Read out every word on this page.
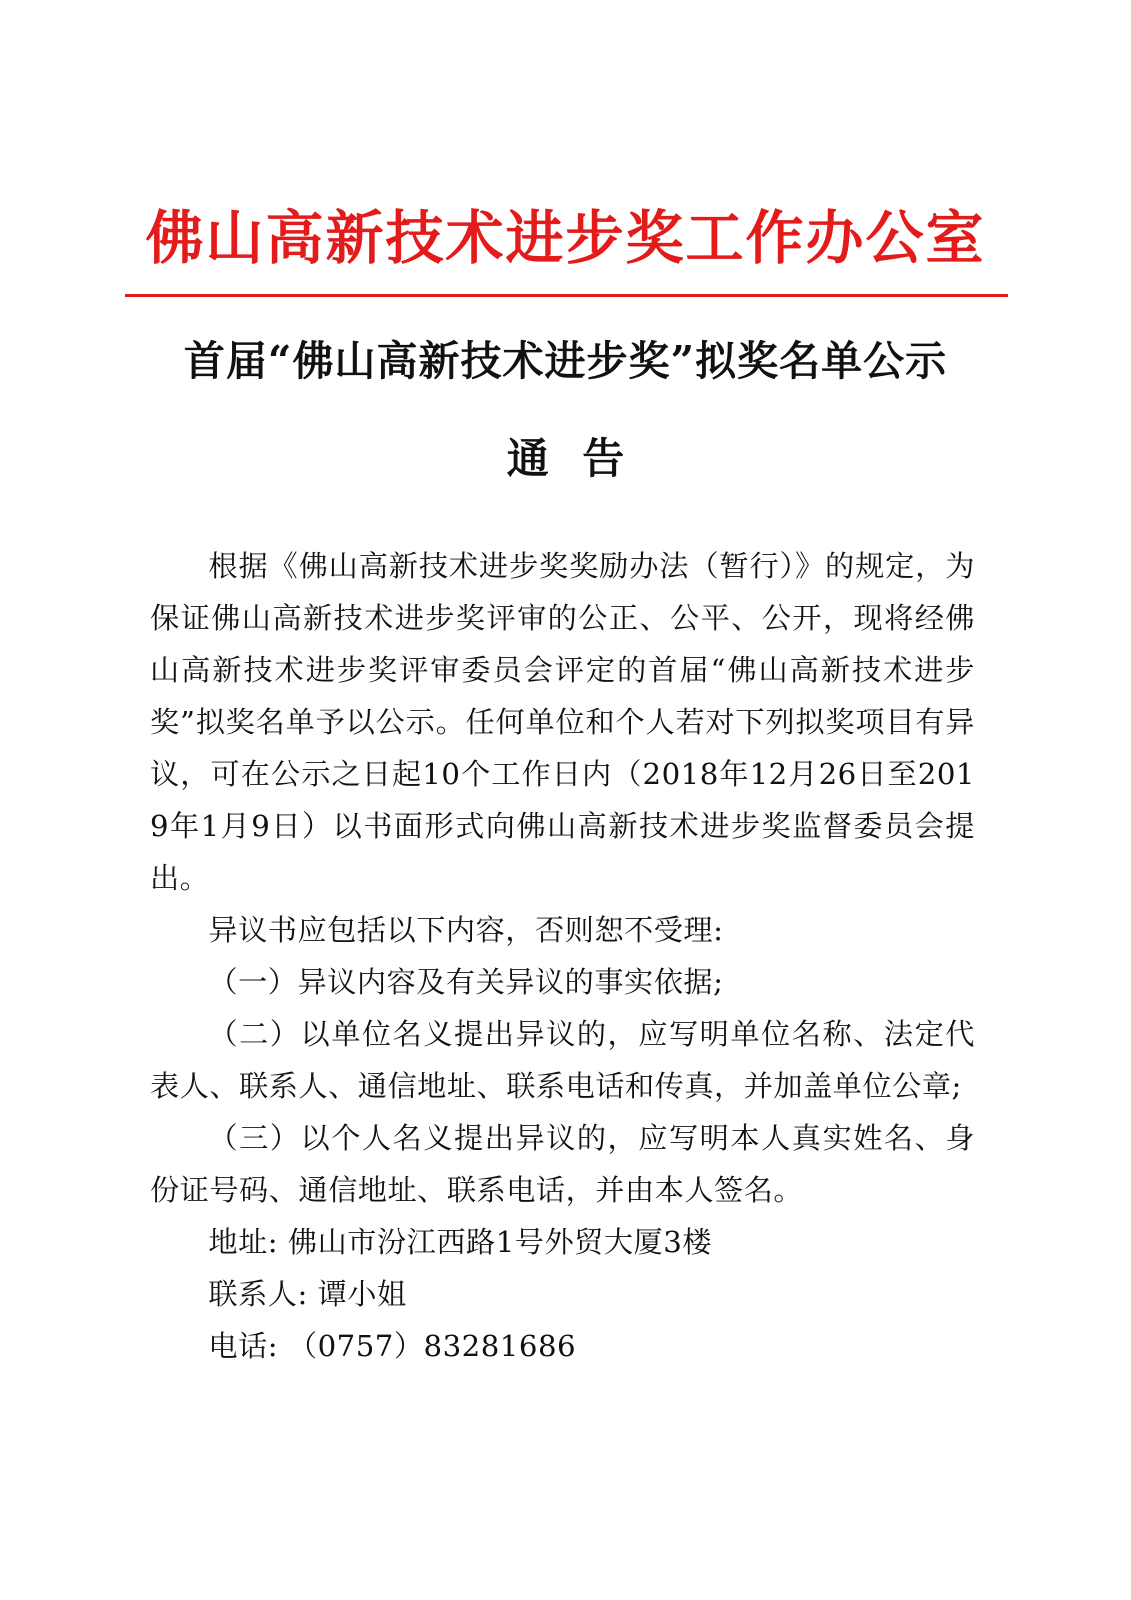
佛山高新技术进步奖工作办公室
首届“佛山高新技术进步奖”拟奖名单公示
通告

根据《佛山高新技术进步奖奖励办法（暂行）》的规定，为保证佛山高新技术进步奖评审的公正、公平、公开，现将经佛山高新技术进步奖评审委员会评定的首届“佛山高新技术进步奖”拟奖名单予以公示。任何单位和个人若对下列拟奖项目有异议，可在公示之日起10个工作日内（2018年12月26日至2019年1月9日）以书面形式向佛山高新技术进步奖监督委员会提出。

异议书应包括以下内容，否则恕不受理:

（一）异议内容及有关异议的事实依据;

（二）以单位名义提出异议的，应写明单位名称、法定代表人、联系人、通信地址、联系电话和传真，并加盖单位公章;

（三）以个人名义提出异议的，应写明本人真实姓名、身份证号码、通信地址、联系电话，并由本人签名。

地址: 佛山市汾江西路1号外贸大厦3楼

联系人: 谭小姐

电话: （0757）83281686
